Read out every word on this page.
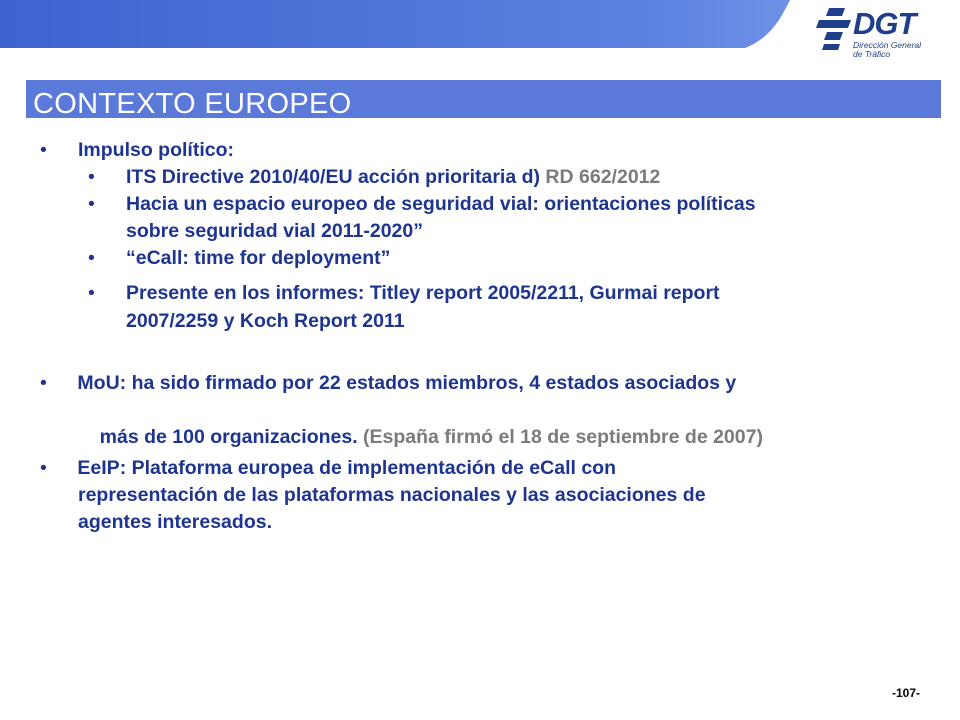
DGT
Dirección General
de Tráfico
CONTEXTO EUROPEO
• Impulso político:
• ITS Directive 2010/40/EU acción prioritaria d) RD 662/2012
• Hacia un espacio europeo de seguridad vial: orientaciones políticas
sobre seguridad vial 2011-2020”
• “eCall: time for deployment”
• Presente en los informes: Titley report 2005/2211, Gurmai report
2007/2259 y Koch Report 2011
• MoU: ha sido firmado por 22 estados miembros, 4 estados asociados y

más de 100 organizaciones. (España firmó el 18 de septiembre de 2007)

• EeIP: Plataforma europea de implementación de eCall con
representación de las plataformas nacionales y las asociaciones de
agentes interesados.
-107-
